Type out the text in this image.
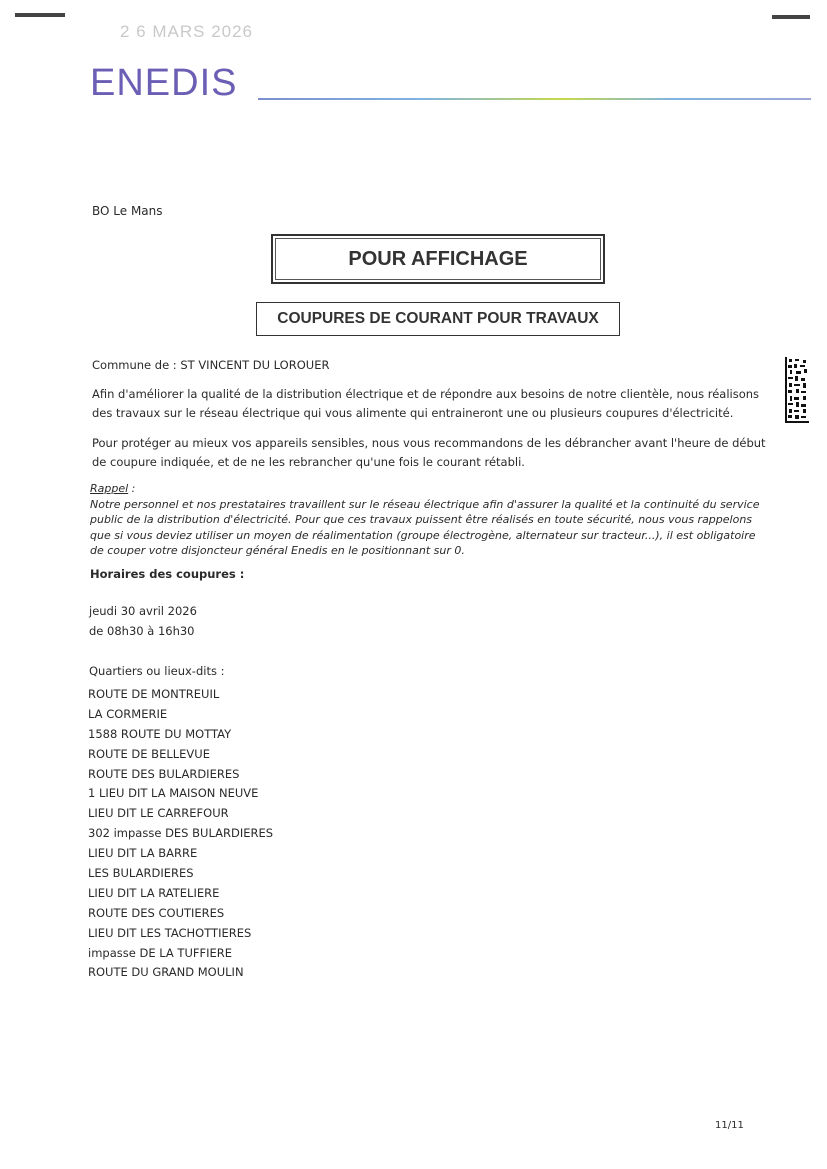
2 6 MARS 2026
ENEDIS
BO Le Mans
POUR AFFICHAGE
COUPURES DE COURANT POUR TRAVAUX
Commune de : ST VINCENT DU LOROUER
Afin d'améliorer la qualité de la distribution électrique et de répondre aux besoins de notre clientèle, nous réalisons des travaux sur le réseau électrique qui vous alimente qui entraineront une ou plusieurs coupures d'électricité.
Pour protéger au mieux vos appareils sensibles, nous vous recommandons de les débrancher avant l'heure de début de coupure indiquée, et de ne les rebrancher qu'une fois le courant rétabli.
Rappel :
Notre personnel et nos prestataires travaillent sur le réseau électrique afin d'assurer la qualité et la continuité du service public de la distribution d'électricité. Pour que ces travaux puissent être réalisés en toute sécurité, nous vous rappelons que si vous deviez utiliser un moyen de réalimentation (groupe électrogène, alternateur sur tracteur...), il est obligatoire de couper votre disjoncteur général Enedis en le positionnant sur 0.
Horaires des coupures :
jeudi 30 avril 2026
de 08h30 à 16h30
Quartiers ou lieux-dits :
ROUTE DE MONTREUIL
LA CORMERIE
1588 ROUTE DU MOTTAY
ROUTE DE BELLEVUE
ROUTE DES BULARDIERES
1 LIEU DIT LA MAISON NEUVE
LIEU DIT LE CARREFOUR
302 impasse DES BULARDIERES
LIEU DIT LA BARRE
LES BULARDIERES
LIEU DIT LA RATELIERE
ROUTE DES COUTIERES
LIEU DIT LES TACHOTTIERES
impasse DE LA TUFFIERE
ROUTE DU GRAND MOULIN
11/11
